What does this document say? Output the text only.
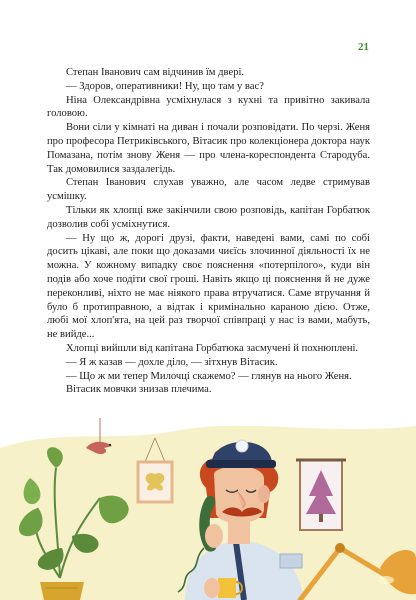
21

Степан Іванович сам відчинив їм двері.

— Здоров, оперативники! Ну, що там у вас?

Ніна Олександрівна усміхнулася з кухні та привітно закивала головою.

Вони сіли у кімнаті на диван і почали розповідати. По черзі. Женя про професора Петриківського, Вітасик про колекціонера доктора наук Помазана, потім знову Женя — про члена-кореспондента Стародуба. Так домовилися заздалегідь.

Степан Іванович слухав уважно, але часом ледве стримував усмішку.

Тільки як хлопці вже закінчили свою розповідь, капітан Горбатюк дозволив собі усміхнутися.

— Ну що ж, дорогі друзі, факти, наведені вами, самі по собі досить цікаві, але поки що доказами чиєїсь злочинної діяльності їх не можна. У кожному випадку своє пояснення «потерпілого», куди він подів або хоче подіти свої гроші. Навіть якщо ці пояснення й не дуже переконливі, ніхто не має ніякого права втручатися. Саме втручання й було б протиправною, а відтак і кримінально караною дією. Отже, любі мої хлоп'ята, на цей раз творчої співпраці у нас із вами, мабуть, не вийде...

Хлопці вийшли від капітана Горбатюка засмучені й похнюплені.

— Я ж казав — дохле діло, — зітхнув Вітасик.

— Що ж ми тепер Милочці скажемо? — глянув на нього Женя.

Вітасик мовчки знизав плечима.
